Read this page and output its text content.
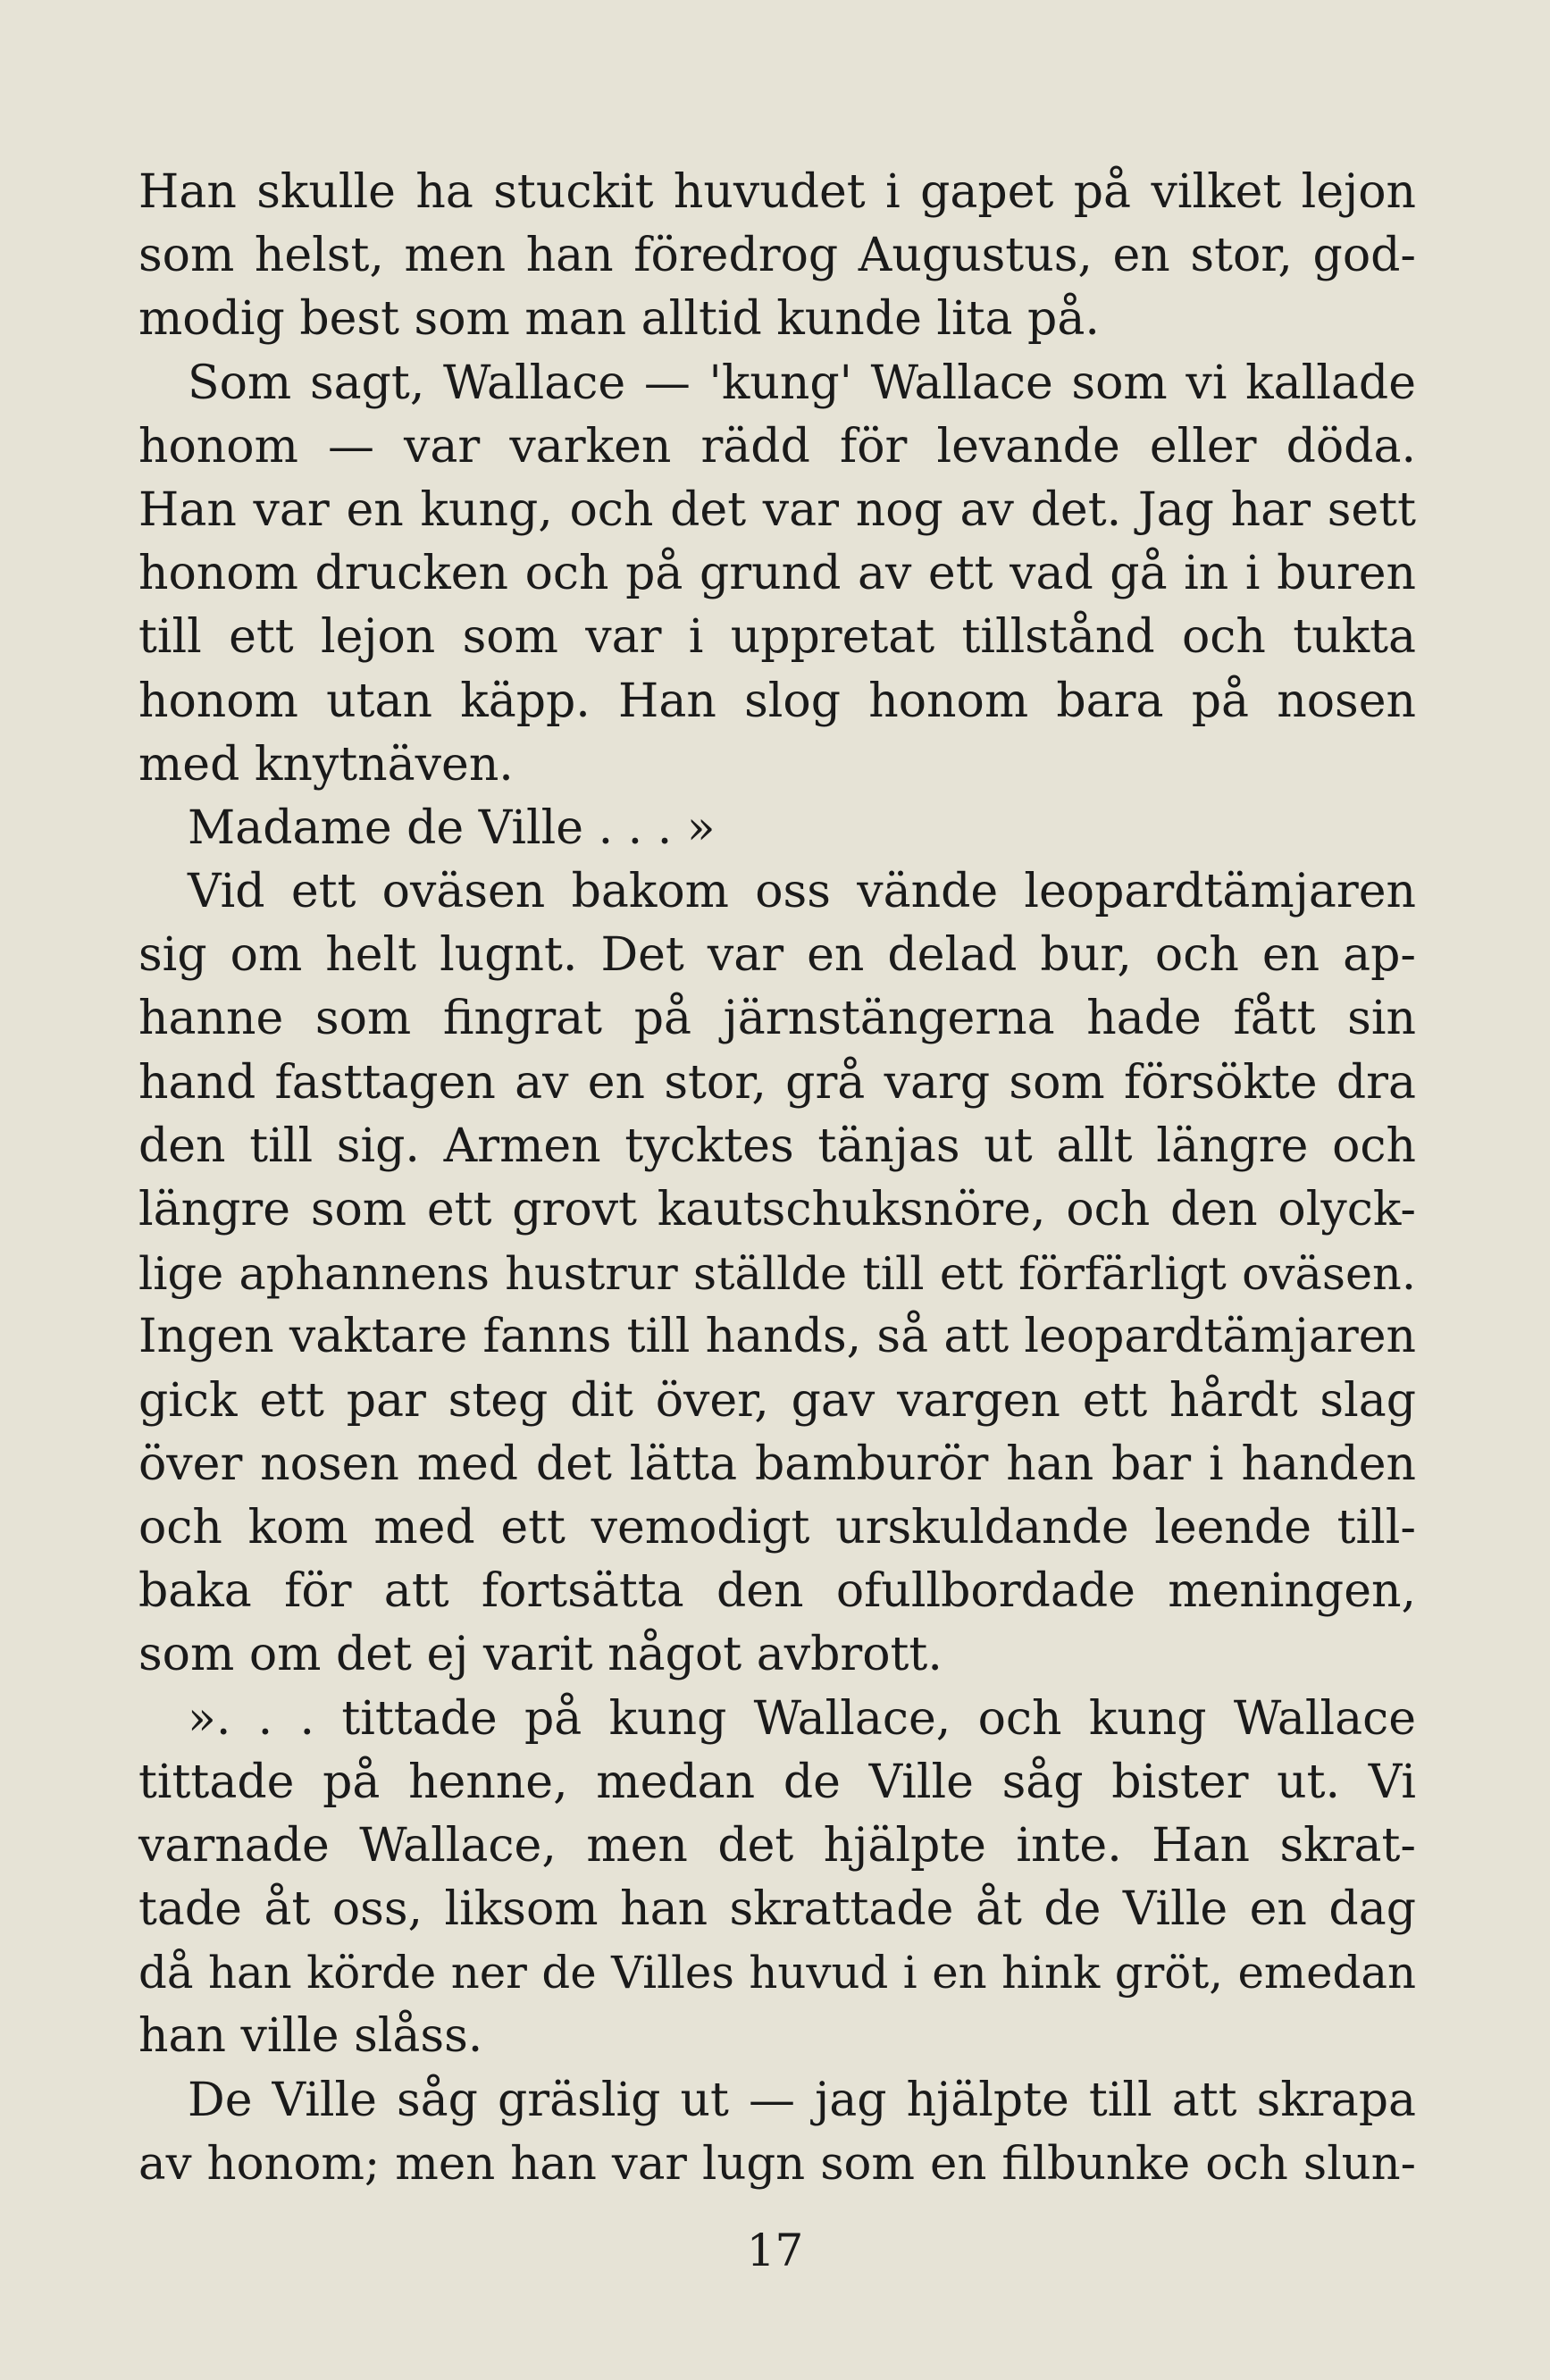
Han skulle ha stuckit huvudet i gapet på vilket lejon
som helst, men han föredrog Augustus, en stor, god-
modig best som man alltid kunde lita på.
Som sagt, Wallace — 'kung' Wallace som vi kallade
honom — var varken rädd för levande eller döda.
Han var en kung, och det var nog av det. Jag har sett
honom drucken och på grund av ett vad gå in i buren
till ett lejon som var i uppretat tillstånd och tukta
honom utan käpp. Han slog honom bara på nosen
med knytnäven.
Madame de Ville . . . »
Vid ett oväsen bakom oss vände leopardtämjaren
sig om helt lugnt. Det var en delad bur, och en ap-
hanne som fingrat på järnstängerna hade fått sin
hand fasttagen av en stor, grå varg som försökte dra
den till sig. Armen tycktes tänjas ut allt längre och
längre som ett grovt kautschuksnöre, och den olyck-
lige aphannens hustrur ställde till ett förfärligt oväsen.
Ingen vaktare fanns till hands, så att leopardtämjaren
gick ett par steg dit över, gav vargen ett hårdt slag
över nosen med det lätta bamburör han bar i handen
och kom med ett vemodigt urskuldande leende till-
baka för att fortsätta den ofullbordade meningen,
som om det ej varit något avbrott.
». . . tittade på kung Wallace, och kung Wallace
tittade på henne, medan de Ville såg bister ut. Vi
varnade Wallace, men det hjälpte inte. Han skrat-
tade åt oss, liksom han skrattade åt de Ville en dag
då han körde ner de Villes huvud i en hink gröt, emedan
han ville slåss.
De Ville såg gräslig ut — jag hjälpte till att skrapa
av honom; men han var lugn som en filbunke och slun-
17
